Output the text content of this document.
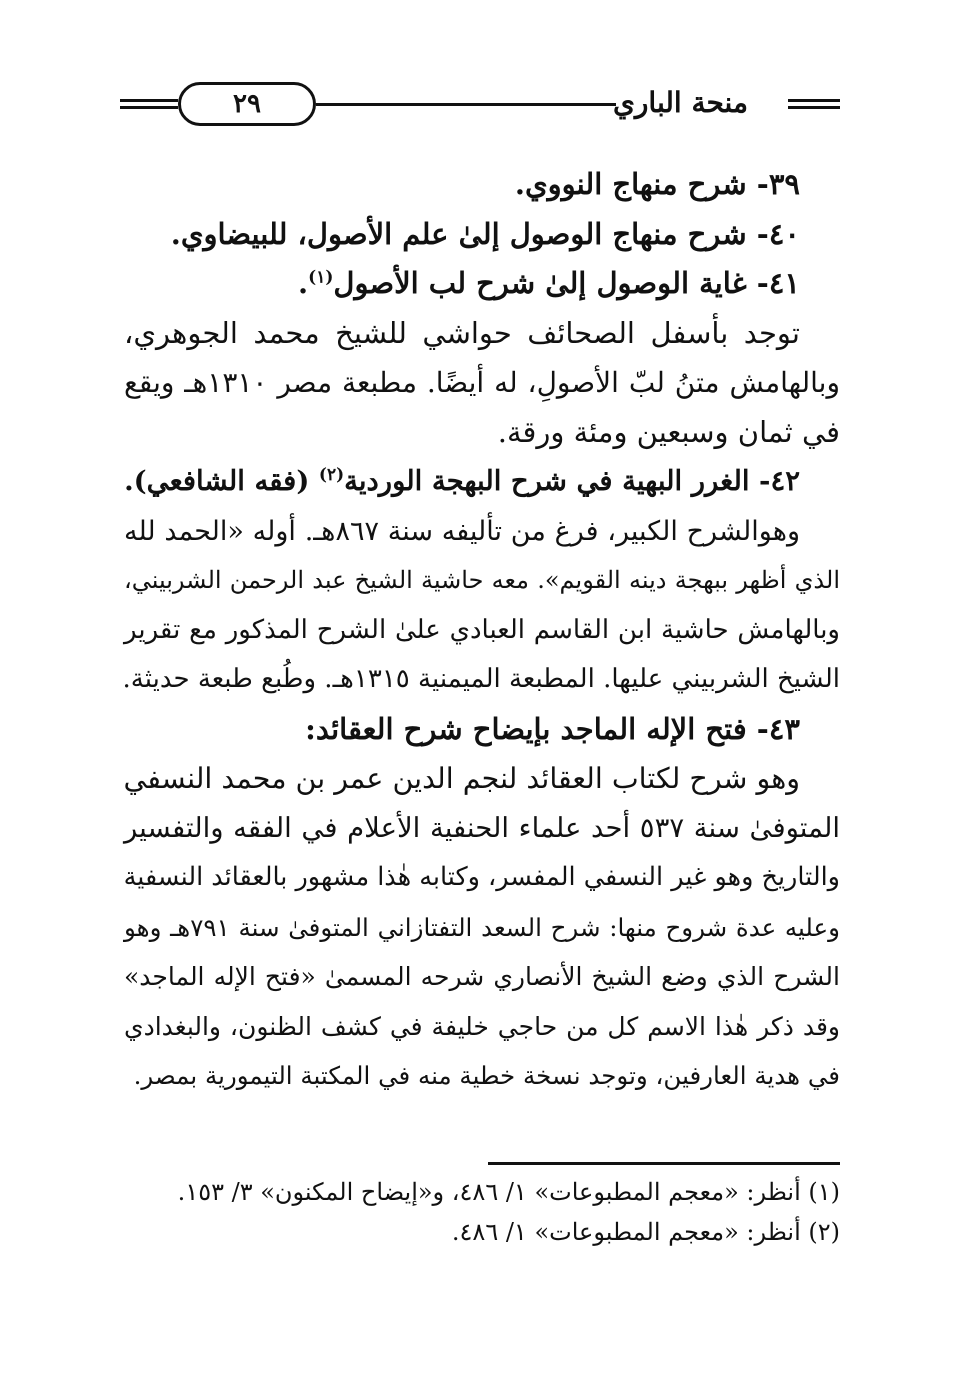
٢٩	منحة الباري
٣٩- شرح منهاج النووي.
٤٠- شرح منهاج الوصول إلىٰ علم الأصول، للبيضاوي.
٤١- غاية الوصول إلىٰ شرح لب الأصول$^{(١)}$.
توجد بأسفل الصحائف حواشي للشيخ محمد الجوهري،
وبالهامش متنُ لبّ الأصولِ، له أيضًا. مطبعة مصر ١٣١٠هـ ويقع
في ثمان وسبعين ومئة ورقة.
٤٢- الغرر البهية في شرح البهجة الوردية$^{(٢)}$ (فقه الشافعي).
وهوالشرح الكبير، فرغ من تأليفه سنة ٨٦٧هـ. أوله «الحمد لله
الذي أظهر ببهجة دينه القويم». معه حاشية الشيخ عبد الرحمن الشربيني،
وبالهامش حاشية ابن القاسم العبادي علىٰ الشرح المذكور مع تقرير
الشيخ الشربيني عليها. المطبعة الميمنية ١٣١٥هـ. وطُبع طبعة حديثة.
٤٣- فتح الإله الماجد بإيضاح شرح العقائد:
وهو شرح لكتاب العقائد لنجم الدين عمر بن محمد النسفي
المتوفىٰ سنة ٥٣٧ أحد علماء الحنفية الأعلام في الفقه والتفسير
والتاريخ وهو غير النسفي المفسر، وكتابه هٰذا مشهور بالعقائد النسفية
وعليه عدة شروح منها: شرح السعد التفتازاني المتوفىٰ سنة ٧٩١هـ وهو
الشرح الذي وضع الشيخ الأنصاري شرحه المسمىٰ «فتح الإله الماجد»
وقد ذكر هٰذا الاسم كل من حاجي خليفة في كشف الظنون، والبغدادي
في هدية العارفين، وتوجد نسخة خطية منه في المكتبة التيمورية بمصر.
(١) أنظر: «معجم المطبوعات» ١/ ٤٨٦، و«إيضاح المكنون» ٣/ ١٥٣.
(٢) أنظر: «معجم المطبوعات» ١/ ٤٨٦.
